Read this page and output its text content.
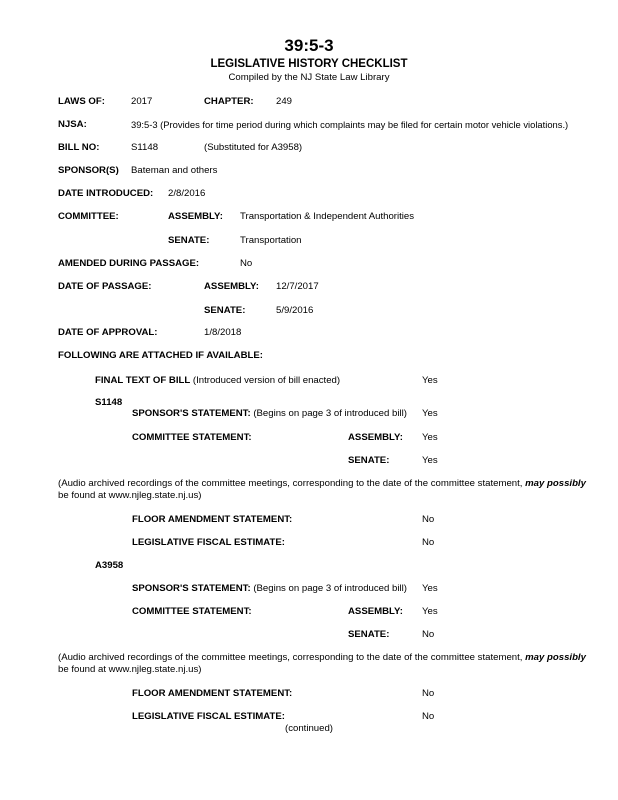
39:5-3
LEGISLATIVE HISTORY CHECKLIST
Compiled by the NJ State Law Library
LAWS OF:	2017	CHAPTER: 249
NJSA:	39:5-3 (Provides for time period during which complaints may be filed for certain motor vehicle violations.)
BILL NO:	S1148	(Substituted for A3958)
SPONSOR(S) Bateman and others
DATE INTRODUCED: 2/8/2016
COMMITTEE:	ASSEMBLY: Transportation & Independent Authorities
SENATE:	Transportation
AMENDED DURING PASSAGE:	No
DATE OF PASSAGE:	ASSEMBLY: 12/7/2017
SENATE:	5/9/2016
DATE OF APPROVAL:	1/8/2018
FOLLOWING ARE ATTACHED IF AVAILABLE:
FINAL TEXT OF BILL (Introduced version of bill enacted)	Yes
S1148
SPONSOR'S STATEMENT: (Begins on page 3 of introduced bill) Yes
COMMITTEE STATEMENT:	ASSEMBLY: Yes
SENATE:	Yes
(Audio archived recordings of the committee meetings, corresponding to the date of the committee statement, may possibly
be found at www.njleg.state.nj.us)
FLOOR AMENDMENT STATEMENT:	No
LEGISLATIVE FISCAL ESTIMATE:	No
A3958
SPONSOR'S STATEMENT: (Begins on page 3 of introduced bill) Yes
COMMITTEE STATEMENT:	ASSEMBLY: Yes
SENATE:	No
(Audio archived recordings of the committee meetings, corresponding to the date of the committee statement, may possibly
be found at www.njleg.state.nj.us)
FLOOR AMENDMENT STATEMENT:	No
LEGISLATIVE FISCAL ESTIMATE:	No
(continued)
